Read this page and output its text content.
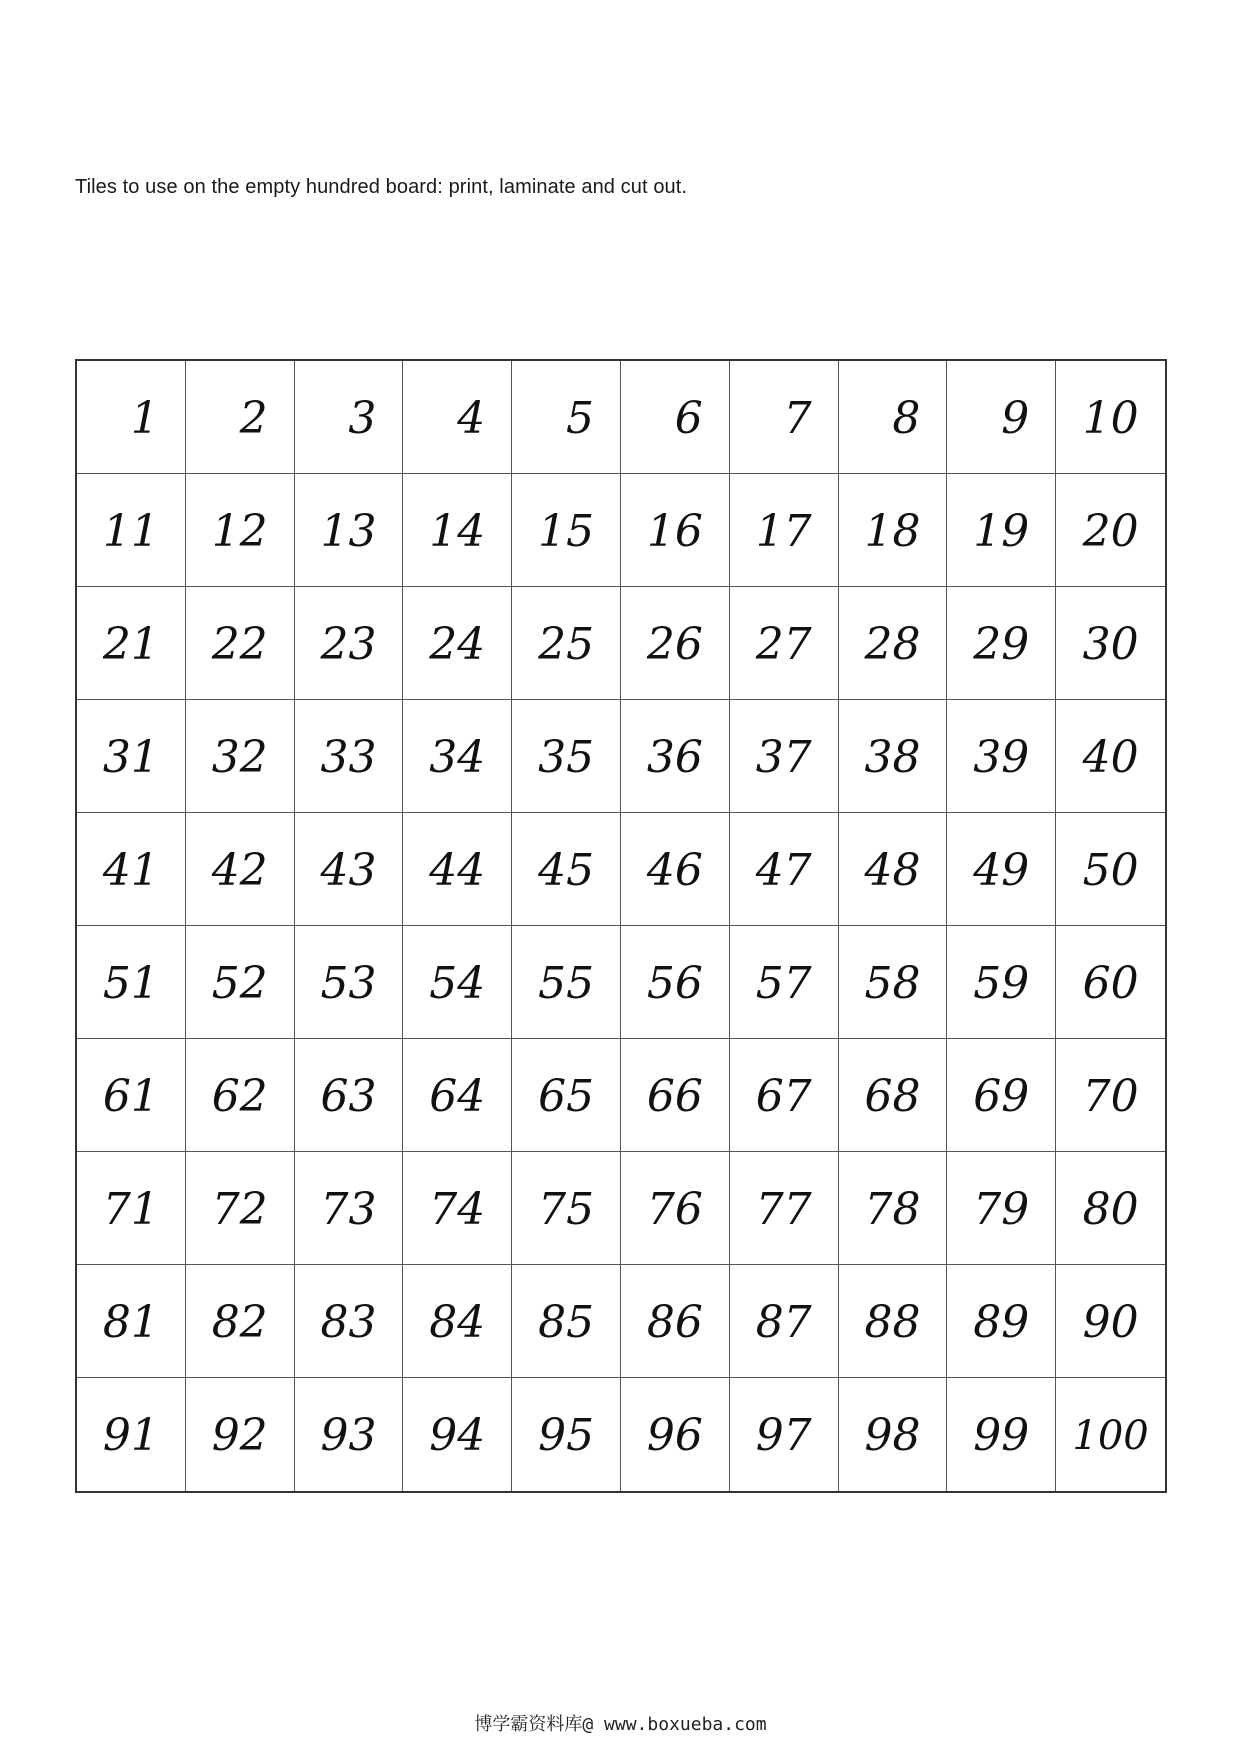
Tiles to use on the empty hundred board: print, laminate and cut out.
1	2	3	4	5	6	7	8	9	10
11	12	13	14	15	16	17	18	19	20
21	22	23	24	25	26	27	28	29	30
31	32	33	34	35	36	37	38	39	40
41	42	43	44	45	46	47	48	49	50
51	52	53	54	55	56	57	58	59	60
61	62	63	64	65	66	67	68	69	70
71	72	73	74	75	76	77	78	79	80
81	82	83	84	85	86	87	88	89	90
91	92	93	94	95	96	97	98	99	100
博学霸资料库@ www.boxueba.com
